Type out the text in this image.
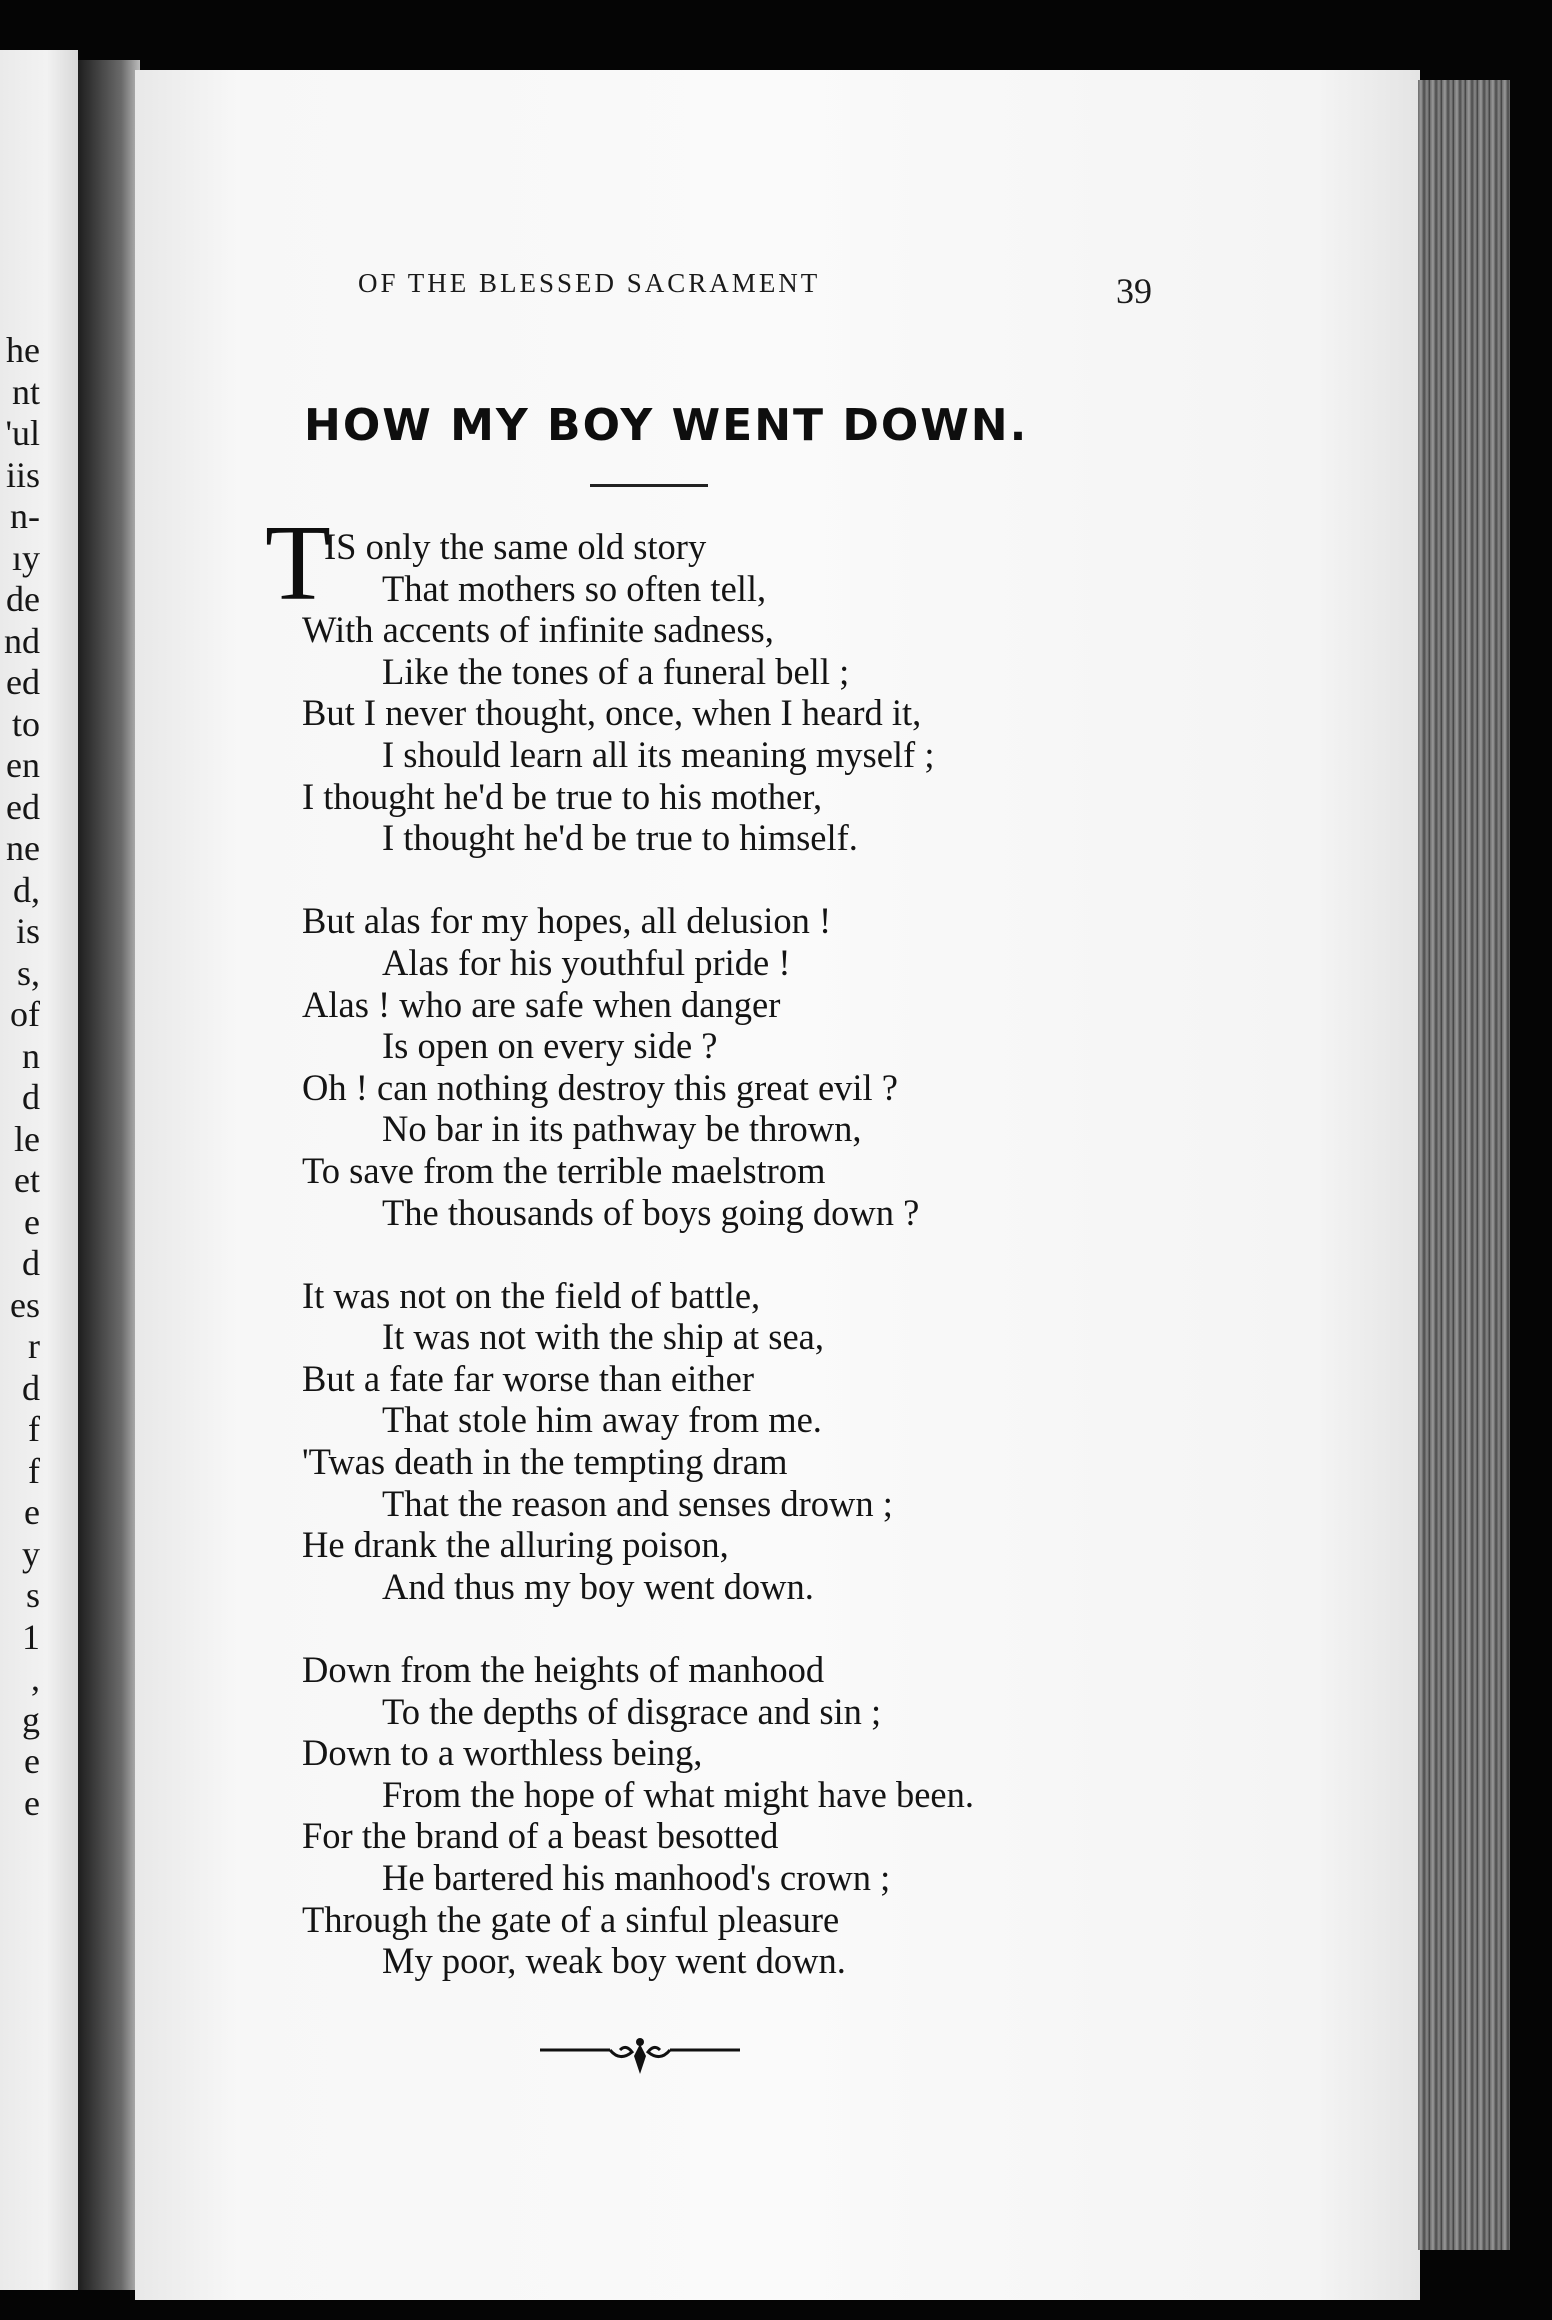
he
nt
'ul
iis
n-
ıy
de
nd
ed
to
en
ed
ne
d,
is
s,
of
n
d
le
et
e
d
es
r
d
f
f
e
y
s
1
,
g
e
e
OF THE BLESSED SACRAMENT	39
HOW MY BOY WENT DOWN.
T
IS only the same old story
That mothers so often tell,
With accents of infinite sadness,
Like the tones of a funeral bell ;
But I never thought, once, when I heard it,
I should learn all its meaning myself ;
I thought he'd be true to his mother,
I thought he'd be true to himself.
But alas for my hopes, all delusion !
Alas for his youthful pride !
Alas ! who are safe when danger
Is open on every side ?
Oh ! can nothing destroy this great evil ?
No bar in its pathway be thrown,
To save from the terrible maelstrom
The thousands of boys going down ?
It was not on the field of battle,
It was not with the ship at sea,
But a fate far worse than either
That stole him away from me.
'Twas death in the tempting dram
That the reason and senses drown ;
He drank the alluring poison,
And thus my boy went down.
Down from the heights of manhood
To the depths of disgrace and sin ;
Down to a worthless being,
From the hope of what might have been.
For the brand of a beast besotted
He bartered his manhood's crown ;
Through the gate of a sinful pleasure
My poor, weak boy went down.
